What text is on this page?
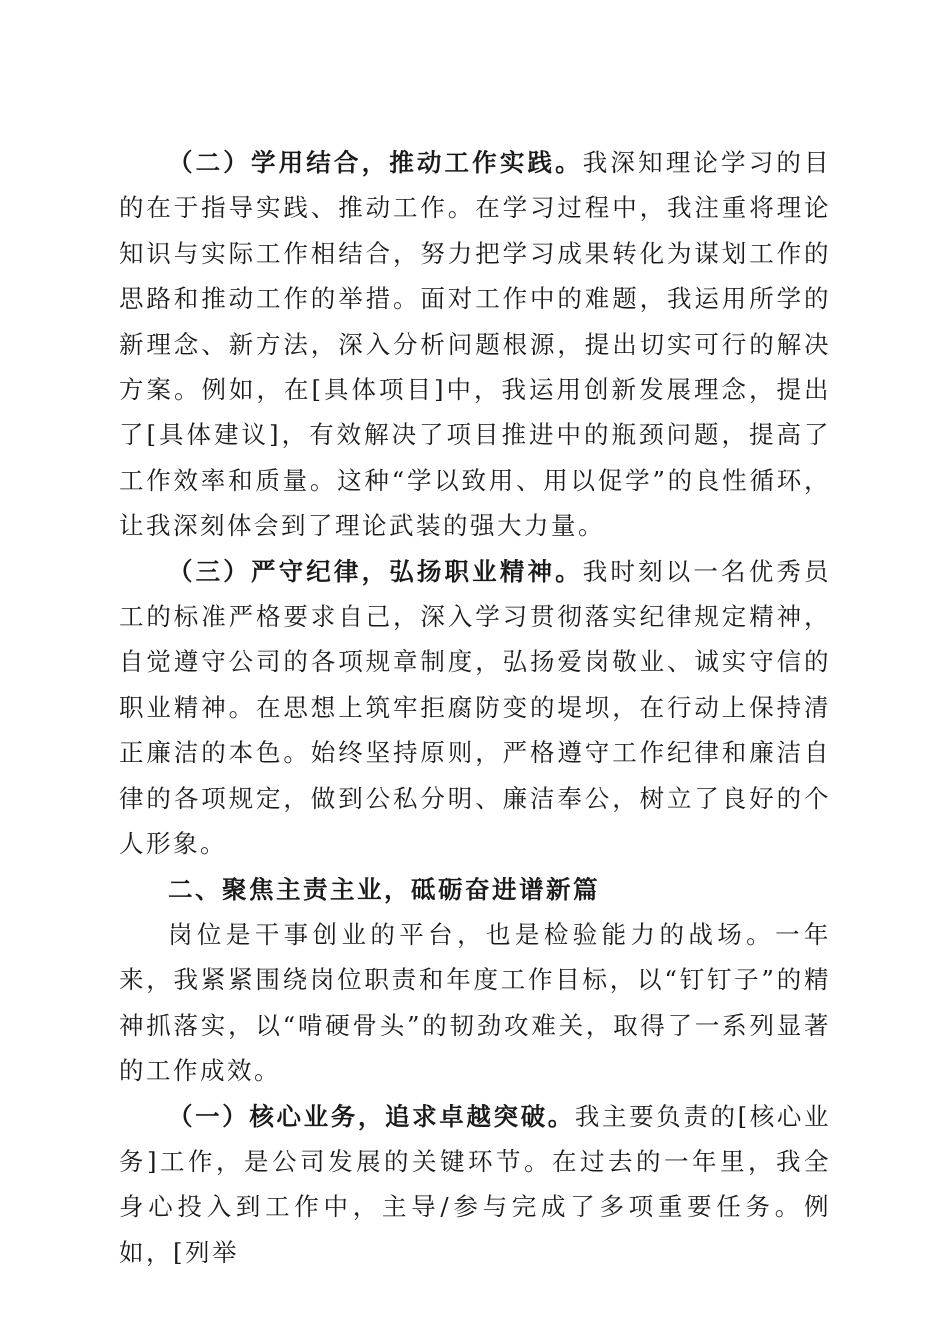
（二）学用结合，推动工作实践。我深知理论学习的目的在于指导实践、推动工作。在学习过程中，我注重将理论知识与实际工作相结合，努力把学习成果转化为谋划工作的思路和推动工作的举措。面对工作中的难题，我运用所学的新理念、新方法，深入分析问题根源，提出切实可行的解决方案。例如，在[具体项目]中，我运用创新发展理念，提出了[具体建议]，有效解决了项目推进中的瓶颈问题，提高了工作效率和质量。这种“学以致用、用以促学”的良性循环，让我深刻体会到了理论武装的强大力量。

（三）严守纪律，弘扬职业精神。我时刻以一名优秀员工的标准严格要求自己，深入学习贯彻落实纪律规定精神，自觉遵守公司的各项规章制度，弘扬爱岗敬业、诚实守信的职业精神。在思想上筑牢拒腐防变的堤坝，在行动上保持清正廉洁的本色。始终坚持原则，严格遵守工作纪律和廉洁自律的各项规定，做到公私分明、廉洁奉公，树立了良好的个人形象。

二、聚焦主责主业，砥砺奋进谱新篇

岗位是干事创业的平台，也是检验能力的战场。一年来，我紧紧围绕岗位职责和年度工作目标，以“钉钉子”的精神抓落实，以“啃硬骨头”的韧劲攻难关，取得了一系列显著的工作成效。

（一）核心业务，追求卓越突破。我主要负责的[核心业务]工作，是公司发展的关键环节。在过去的一年里，我全身心投入到工作中，主导/参与完成了多项重要任务。例如，[列举
